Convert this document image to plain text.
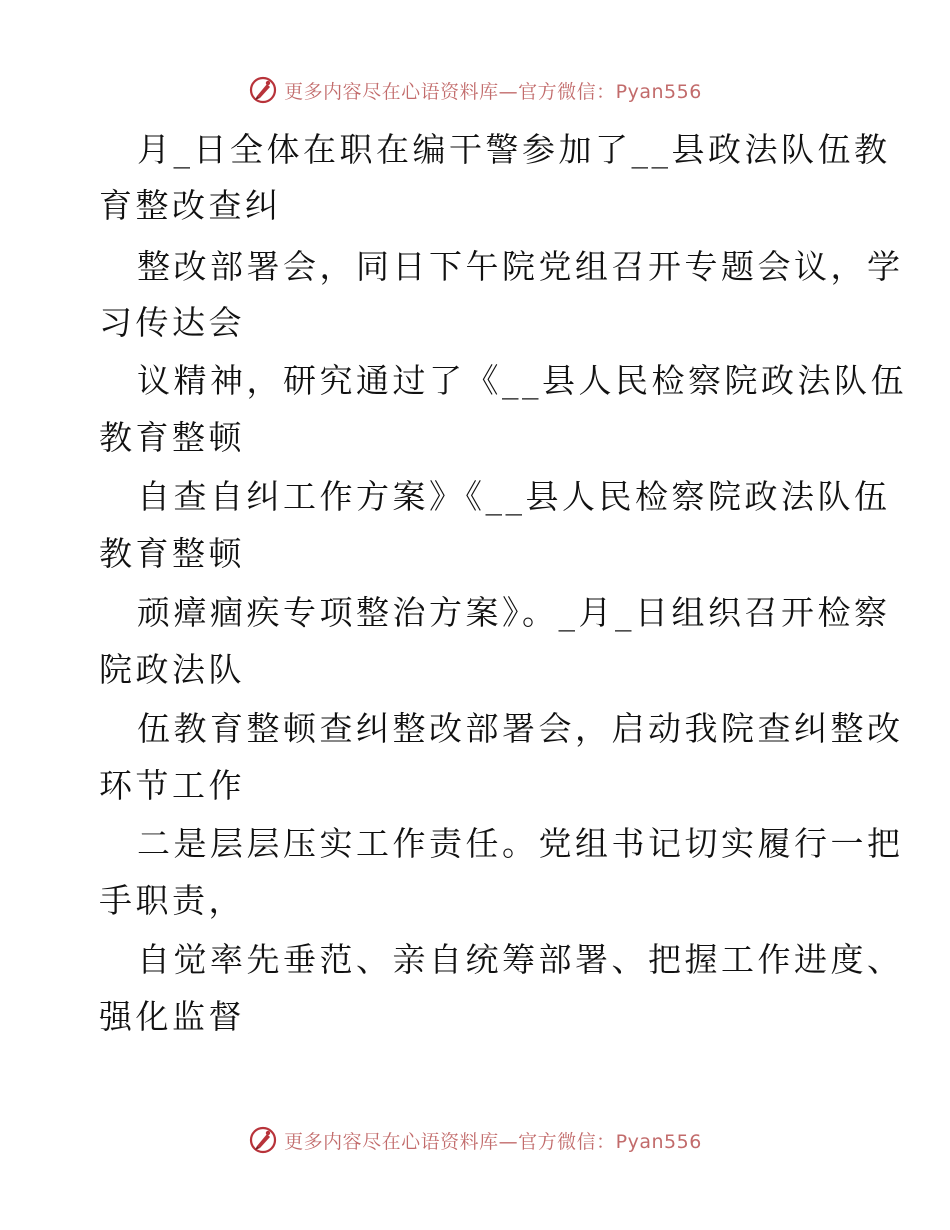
更多内容尽在心语资料库—官方微信：Pyan556
月_日全体在职在编干警参加了__县政法队伍教
育整改查纠
整改部署会，同日下午院党组召开专题会议，学
习传达会
议精神，研究通过了《__县人民检察院政法队伍
教育整顿
自查自纠工作方案》《__县人民检察院政法队伍
教育整顿
顽瘴痼疾专项整治方案》。_月_日组织召开检察
院政法队
伍教育整顿查纠整改部署会，启动我院查纠整改
环节工作
二是层层压实工作责任。党组书记切实履行一把
手职责，
自觉率先垂范、亲自统筹部署、把握工作进度、
强化监督
更多内容尽在心语资料库—官方微信：Pyan556
